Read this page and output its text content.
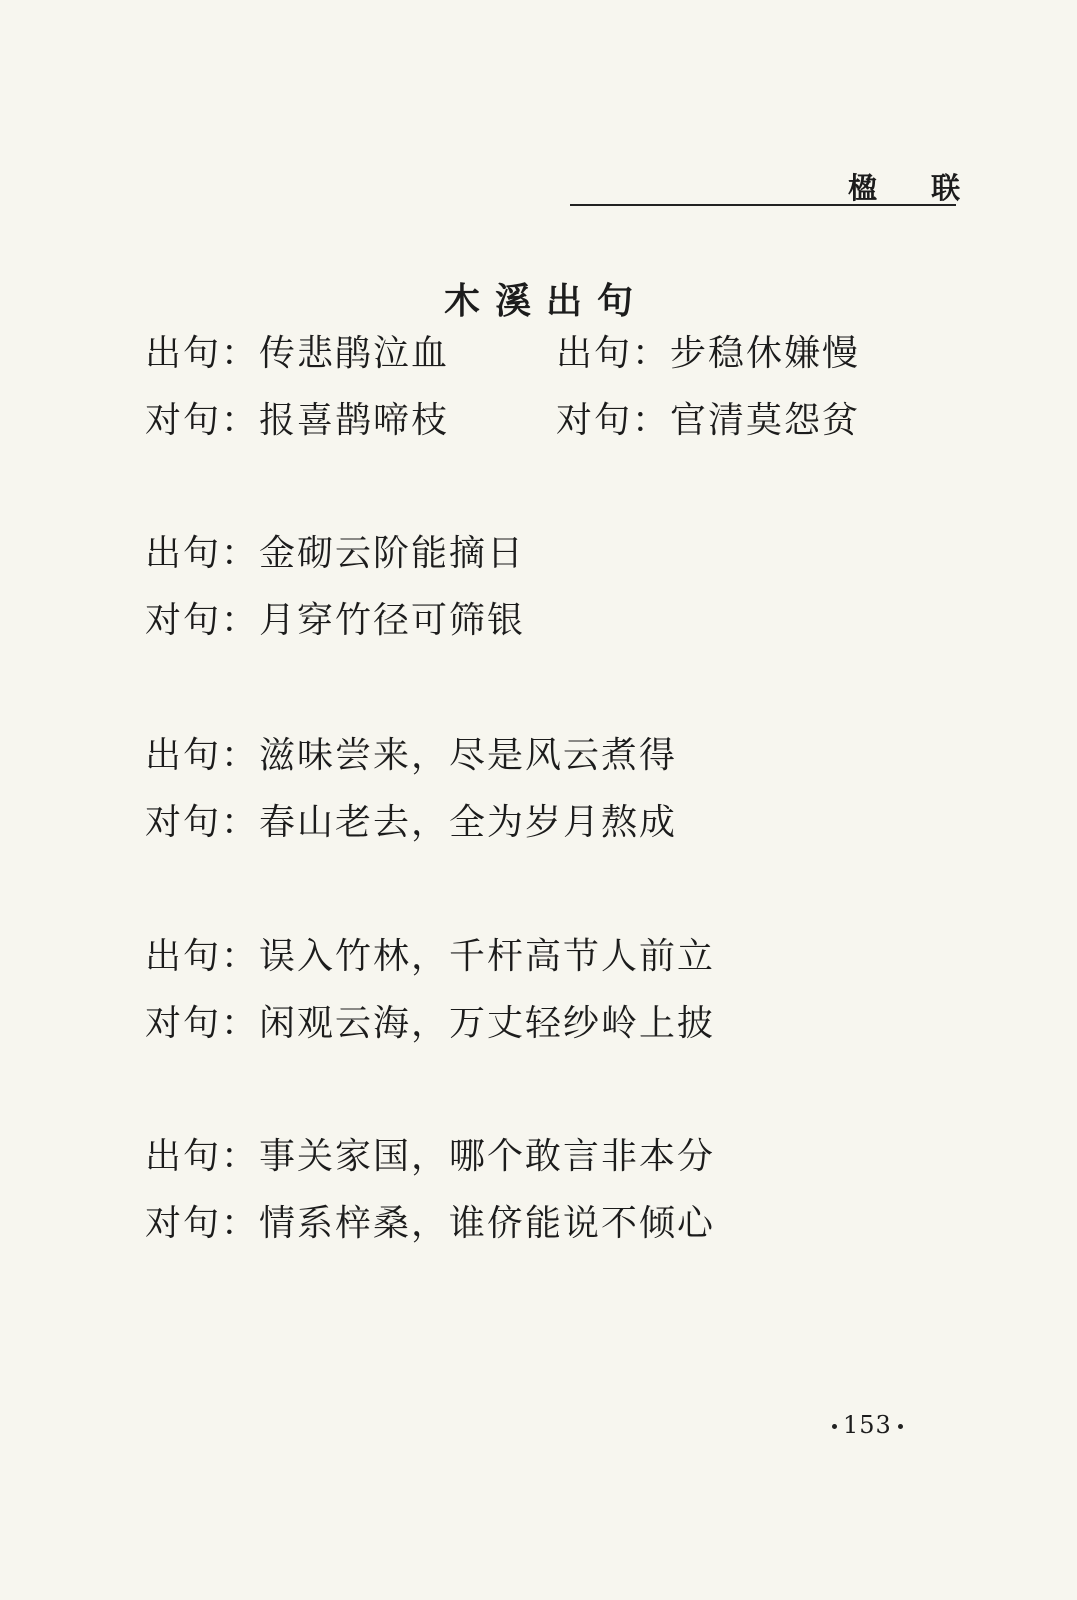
楹 联
木溪出句
出句：传悲鹃泣血
对句：报喜鹊啼枝
出句：步稳休嫌慢
对句：官清莫怨贫
出句：金砌云阶能摘日
对句：月穿竹径可筛银
出句：滋味尝来，尽是风云煮得
对句：春山老去，全为岁月熬成
出句：误入竹林，千杆高节人前立
对句：闲观云海，万丈轻纱岭上披
出句：事关家国，哪个敢言非本分
对句：情系梓桑，谁侪能说不倾心
153
